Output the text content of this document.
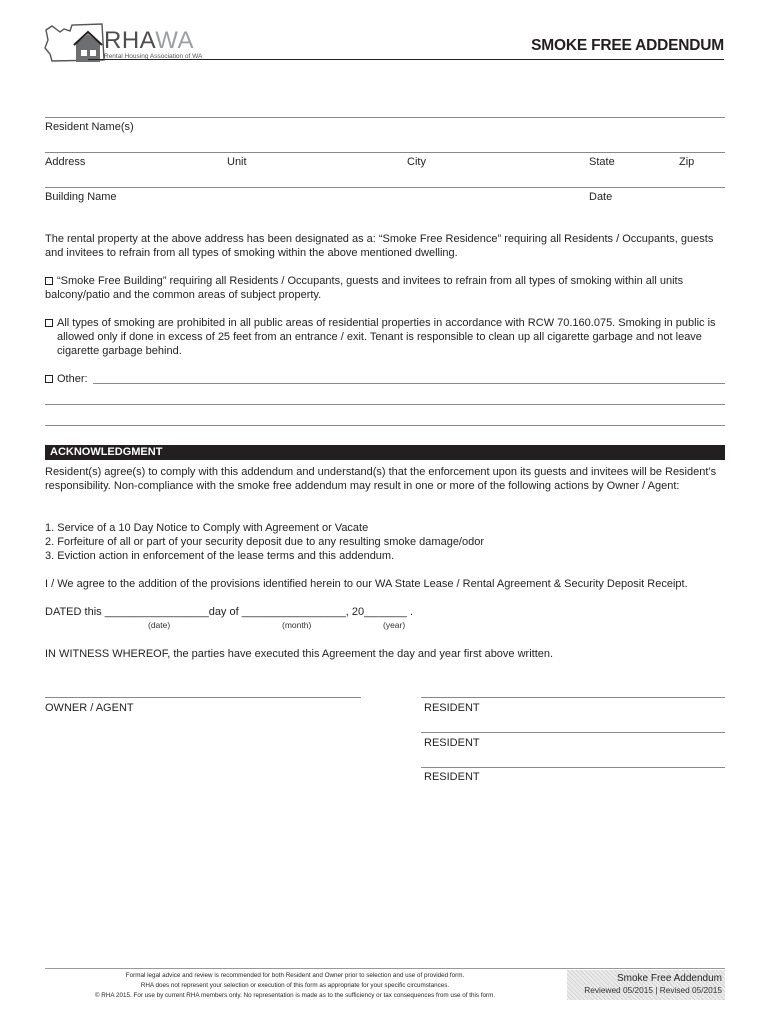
RHAWA
Rental Housing Association of WA
SMOKE FREE ADDENDUM
Resident Name(s)
Address	Unit	City	State	Zip
Building Name	Date
The rental property at the above address has been designated as a: “Smoke Free Residence” requiring all Residents / Occupants, guests and invitees to refrain from all types of smoking within the above mentioned dwelling.
“Smoke Free Building” requiring all Residents / Occupants, guests and invitees to refrain from all types of smoking within all units balcony/patio and the common areas of subject property.
All types of smoking are prohibited in all public areas of residential properties in accordance with RCW 70.160.075. Smoking in public is allowed only if done in excess of 25 feet from an entrance / exit. Tenant is responsible to clean up all cigarette garbage and not leave cigarette garbage behind.
Other:
ACKNOWLEDGMENT
Resident(s) agree(s) to comply with this addendum and understand(s) that the enforcement upon its guests and invitees will be Resident’s responsibility. Non-compliance with the smoke free addendum may result in one or more of the following actions by Owner / Agent:
1. Service of a 10 Day Notice to Comply with Agreement or Vacate
2. Forfeiture of all or part of your security deposit due to any resulting smoke damage/odor
3. Eviction action in enforcement of the lease terms and this addendum.
I / We agree to the addition of the provisions identified herein to our WA State Lease / Rental Agreement & Security Deposit Receipt.
DATED this _________________day of _________________, 20_______ .
(date)	(month)	(year)
IN WITNESS WHEREOF, the parties have executed this Agreement the day and year first above written.
OWNER / AGENT	RESIDENT
RESIDENT
RESIDENT
Formal legal advice and review is recommended for both Resident and Owner prior to selection and use of provided form.
RHA does not represent your selection or execution of this form as appropriate for your specific circumstances.
© RHA 2015. For use by current RHA members only. No representation is made as to the sufficiency or tax consequences from use of this form.
Smoke Free Addendum
Reviewed 05/2015 | Revised 05/2015
